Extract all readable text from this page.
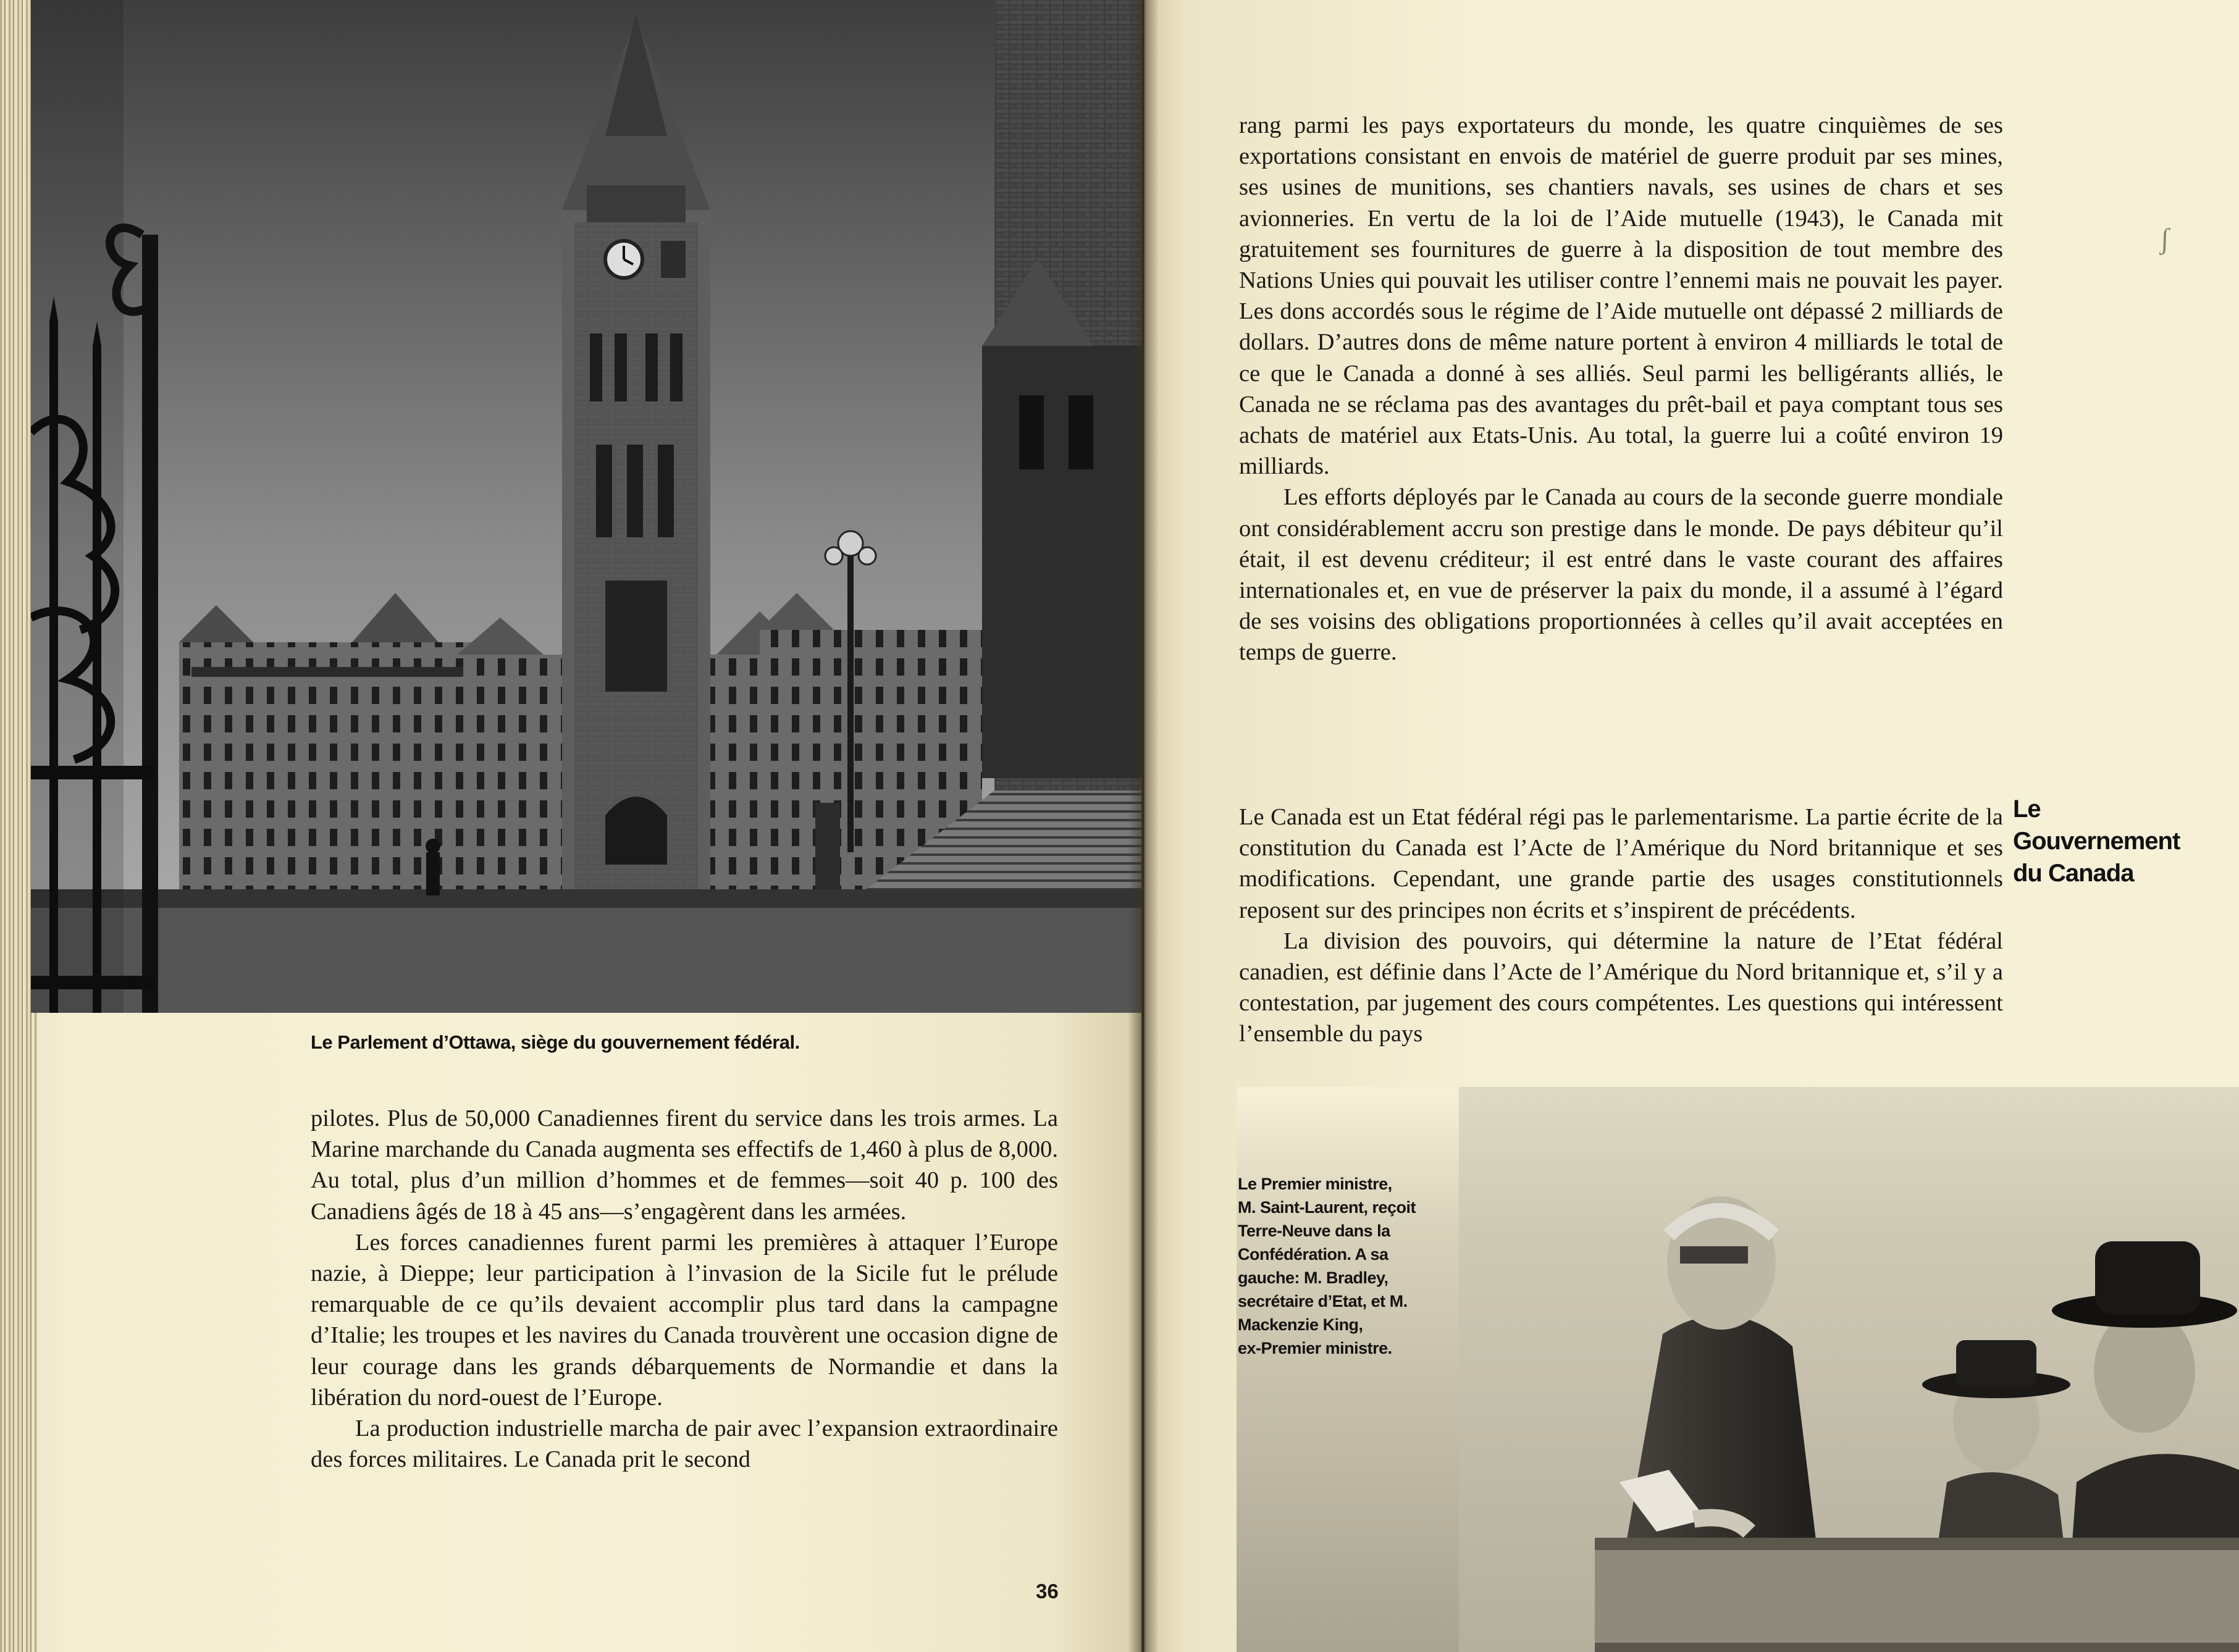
Le Parlement d’Ottawa, siège du gouvernement fédéral.

pilotes. Plus de 50,000 Canadiennes firent du service dans les trois armes. La Marine marchande du Canada augmenta ses effectifs de 1,460 à plus de 8,000. Au total, plus d’un million d’hommes et de femmes—soit 40 p. 100 des Canadiens âgés de 18 à 45 ans—s’engagèrent dans les armées.

Les forces canadiennes furent parmi les premières à attaquer l’Europe nazie, à Dieppe; leur participation à l’invasion de la Sicile fut le prélude remarquable de ce qu’ils devaient accomplir plus tard dans la campagne d’Italie; les troupes et les navires du Canada trouvèrent une occasion digne de leur courage dans les grands débarquements de Normandie et dans la libération du nord-ouest de l’Europe.

La production industrielle marcha de pair avec l’expansion extraordinaire des forces militaires. Le Canada prit le second

36

rang parmi les pays exportateurs du monde, les quatre cinquièmes de ses exportations consistant en envois de matériel de guerre produit par ses mines, ses usines de munitions, ses chantiers navals, ses usines de chars et ses avionneries. En vertu de la loi de l’Aide mutuelle (1943), le Canada mit gratuitement ses fournitures de guerre à la disposition de tout membre des Nations Unies qui pouvait les utiliser contre l’ennemi mais ne pouvait les payer. Les dons accordés sous le régime de l’Aide mutuelle ont dépassé 2 milliards de dollars. D’autres dons de même nature portent à environ 4 milliards le total de ce que le Canada a donné à ses alliés. Seul parmi les belligérants alliés, le Canada ne se réclama pas des avantages du prêt-bail et paya comptant tous ses achats de matériel aux Etats-Unis. Au total, la guerre lui a coûté environ 19 milliards.

Les efforts déployés par le Canada au cours de la seconde guerre mondiale ont considérablement accru son prestige dans le monde. De pays débiteur qu’il était, il est devenu créditeur; il est entré dans le vaste courant des affaires internationales et, en vue de préserver la paix du monde, il a assumé à l’égard de ses voisins des obligations proportionnées à celles qu’il avait acceptées en temps de guerre.

ʃ
Le
Gouvernement
du Canada

Le Canada est un Etat fédéral régi pas le parlementarisme. La partie écrite de la constitution du Canada est l’Acte de l’Amérique du Nord britannique et ses modifications. Cependant, une grande partie des usages constitutionnels reposent sur des principes non écrits et s’inspirent de précédents.

La division des pouvoirs, qui détermine la nature de l’Etat fédéral canadien, est définie dans l’Acte de l’Amérique du Nord britannique et, s’il y a contestation, par jugement des cours compétentes. Les questions qui intéressent l’ensemble du pays

Le Premier ministre,
M. Saint-Laurent, reçoit
Terre-Neuve dans la
Confédération. A sa
gauche: M. Bradley,
secrétaire d’Etat, et M.
Mackenzie King,
ex-Premier ministre.
